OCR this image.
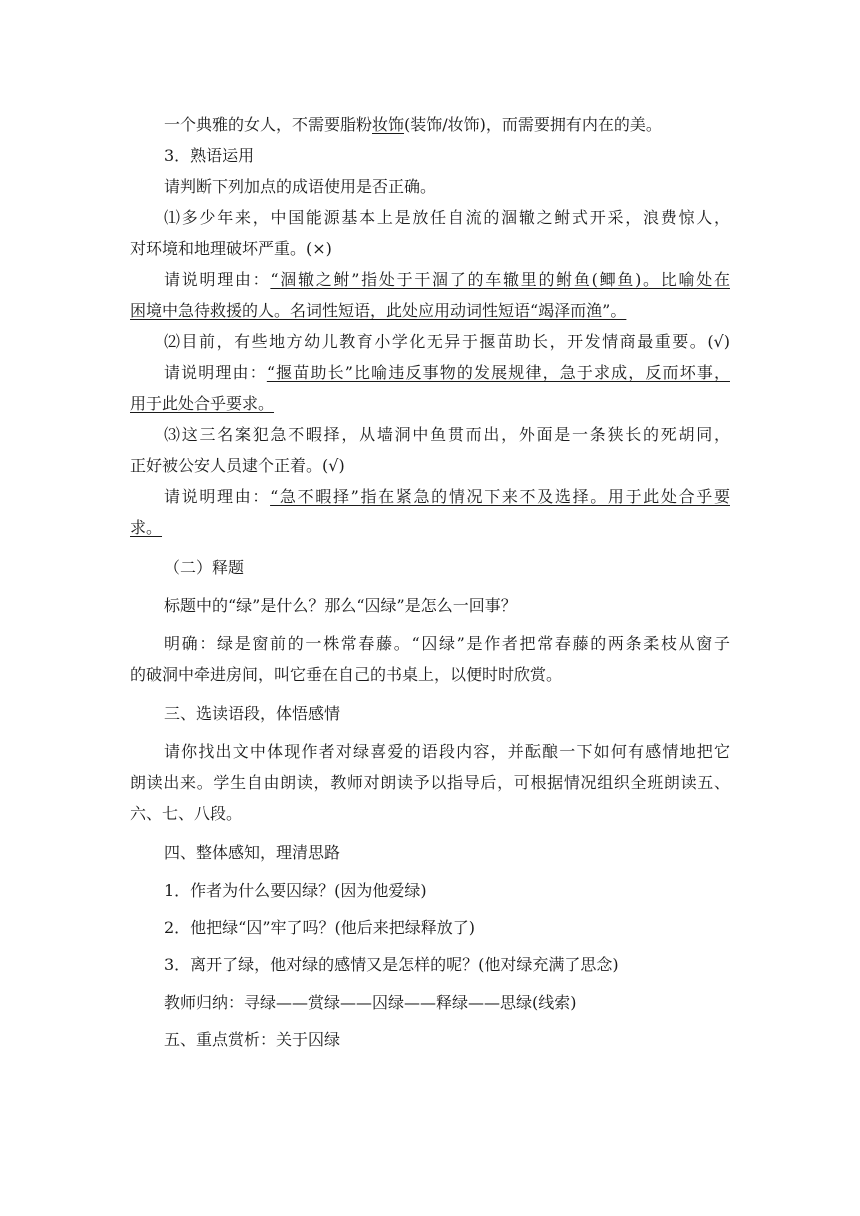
一个典雅的女人，不需要脂粉妆饰(装饰/妆饰)，而需要拥有内在的美。
3．熟语运用
请判断下列加点的成语使用是否正确。
⑴多少年来，中国能源基本上是放任自流的涸辙之鲋式开采，浪费惊人，
对环境和地理破坏严重。(×)
请说明理由：“涸辙之鲋”指处于干涸了的车辙里的鲋鱼(鲫鱼)。比喻处在
困境中急待救援的人。名词性短语，此处应用动词性短语“竭泽而渔”。
⑵目前，有些地方幼儿教育小学化无异于揠苗助长，开发情商最重要。(√)
请说明理由：“揠苗助长”比喻违反事物的发展规律，急于求成，反而坏事，
用于此处合乎要求。
⑶这三名案犯急不暇择，从墙洞中鱼贯而出，外面是一条狭长的死胡同，
正好被公安人员逮个正着。(√)
请说明理由：“急不暇择”指在紧急的情况下来不及选择。用于此处合乎要
求。
（二）释题
标题中的“绿”是什么？那么“囚绿”是怎么一回事？
明确：绿是窗前的一株常春藤。“囚绿”是作者把常春藤的两条柔枝从窗子
的破洞中牵进房间，叫它垂在自己的书桌上，以便时时欣赏。
三、选读语段，体悟感情
请你找出文中体现作者对绿喜爱的语段内容，并酝酿一下如何有感情地把它
朗读出来。学生自由朗读，教师对朗读予以指导后，可根据情况组织全班朗读五、
六、七、八段。
四、整体感知，理清思路
1．作者为什么要囚绿？(因为他爱绿)
2．他把绿“囚”牢了吗？(他后来把绿释放了)
3．离开了绿，他对绿的感情又是怎样的呢？(他对绿充满了思念)
教师归纳：寻绿——赏绿——囚绿——释绿——思绿(线索)
五、重点赏析：关于囚绿
